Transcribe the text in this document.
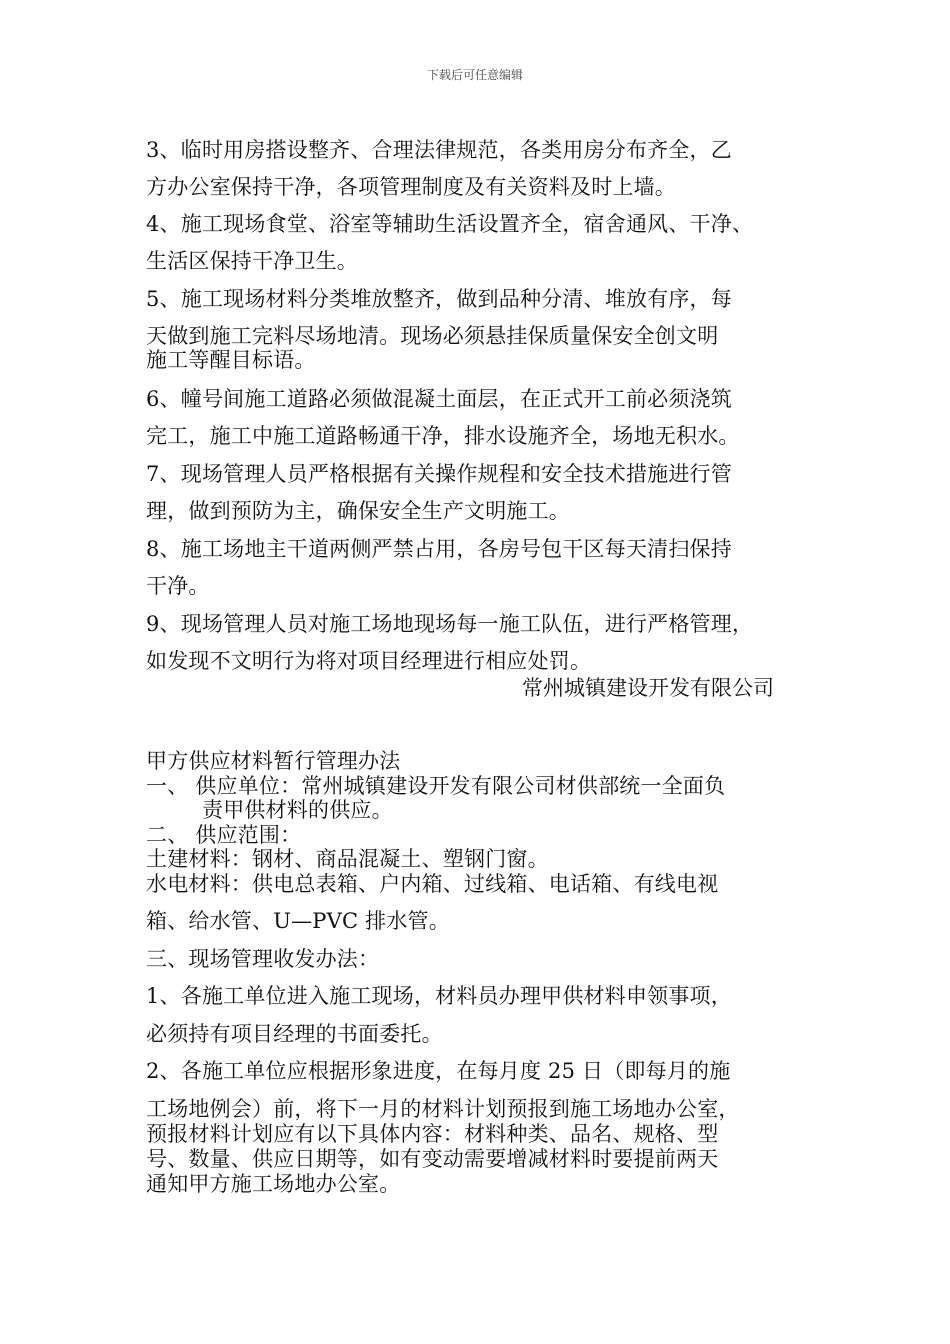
下载后可任意编辑
3、临时用房搭设整齐、合理法律规范，各类用房分布齐全，乙
方办公室保持干净，各项管理制度及有关资料及时上墙。
4、施工现场食堂、浴室等辅助生活设置齐全，宿舍通风、干净、
生活区保持干净卫生。
5、施工现场材料分类堆放整齐，做到品种分清、堆放有序，每
天做到施工完料尽场地清。现场必须悬挂保质量保安全创文明
施工等醒目标语。
6、幢号间施工道路必须做混凝土面层，在正式开工前必须浇筑
完工，施工中施工道路畅通干净，排水设施齐全，场地无积水。
7、现场管理人员严格根据有关操作规程和安全技术措施进行管
理，做到预防为主，确保安全生产文明施工。
8、施工场地主干道两侧严禁占用，各房号包干区每天清扫保持
干净。
9、现场管理人员对施工场地现场每一施工队伍，进行严格管理，
如发现不文明行为将对项目经理进行相应处罚。
常州城镇建设开发有限公司
甲方供应材料暂行管理办法
一、 供应单位：常州城镇建设开发有限公司材供部统一全面负
责甲供材料的供应。
二、 供应范围：
土建材料：钢材、商品混凝土、塑钢门窗。
水电材料：供电总表箱、户内箱、过线箱、电话箱、有线电视
箱、给水管、U—PVC 排水管。
三、现场管理收发办法：
1、各施工单位进入施工现场，材料员办理甲供材料申领事项，
必须持有项目经理的书面委托。
2、各施工单位应根据形象进度，在每月度 25 日（即每月的施
工场地例会）前，将下一月的材料计划预报到施工场地办公室，
预报材料计划应有以下具体内容：材料种类、品名、规格、型
号、数量、供应日期等，如有变动需要增减材料时要提前两天
通知甲方施工场地办公室。
